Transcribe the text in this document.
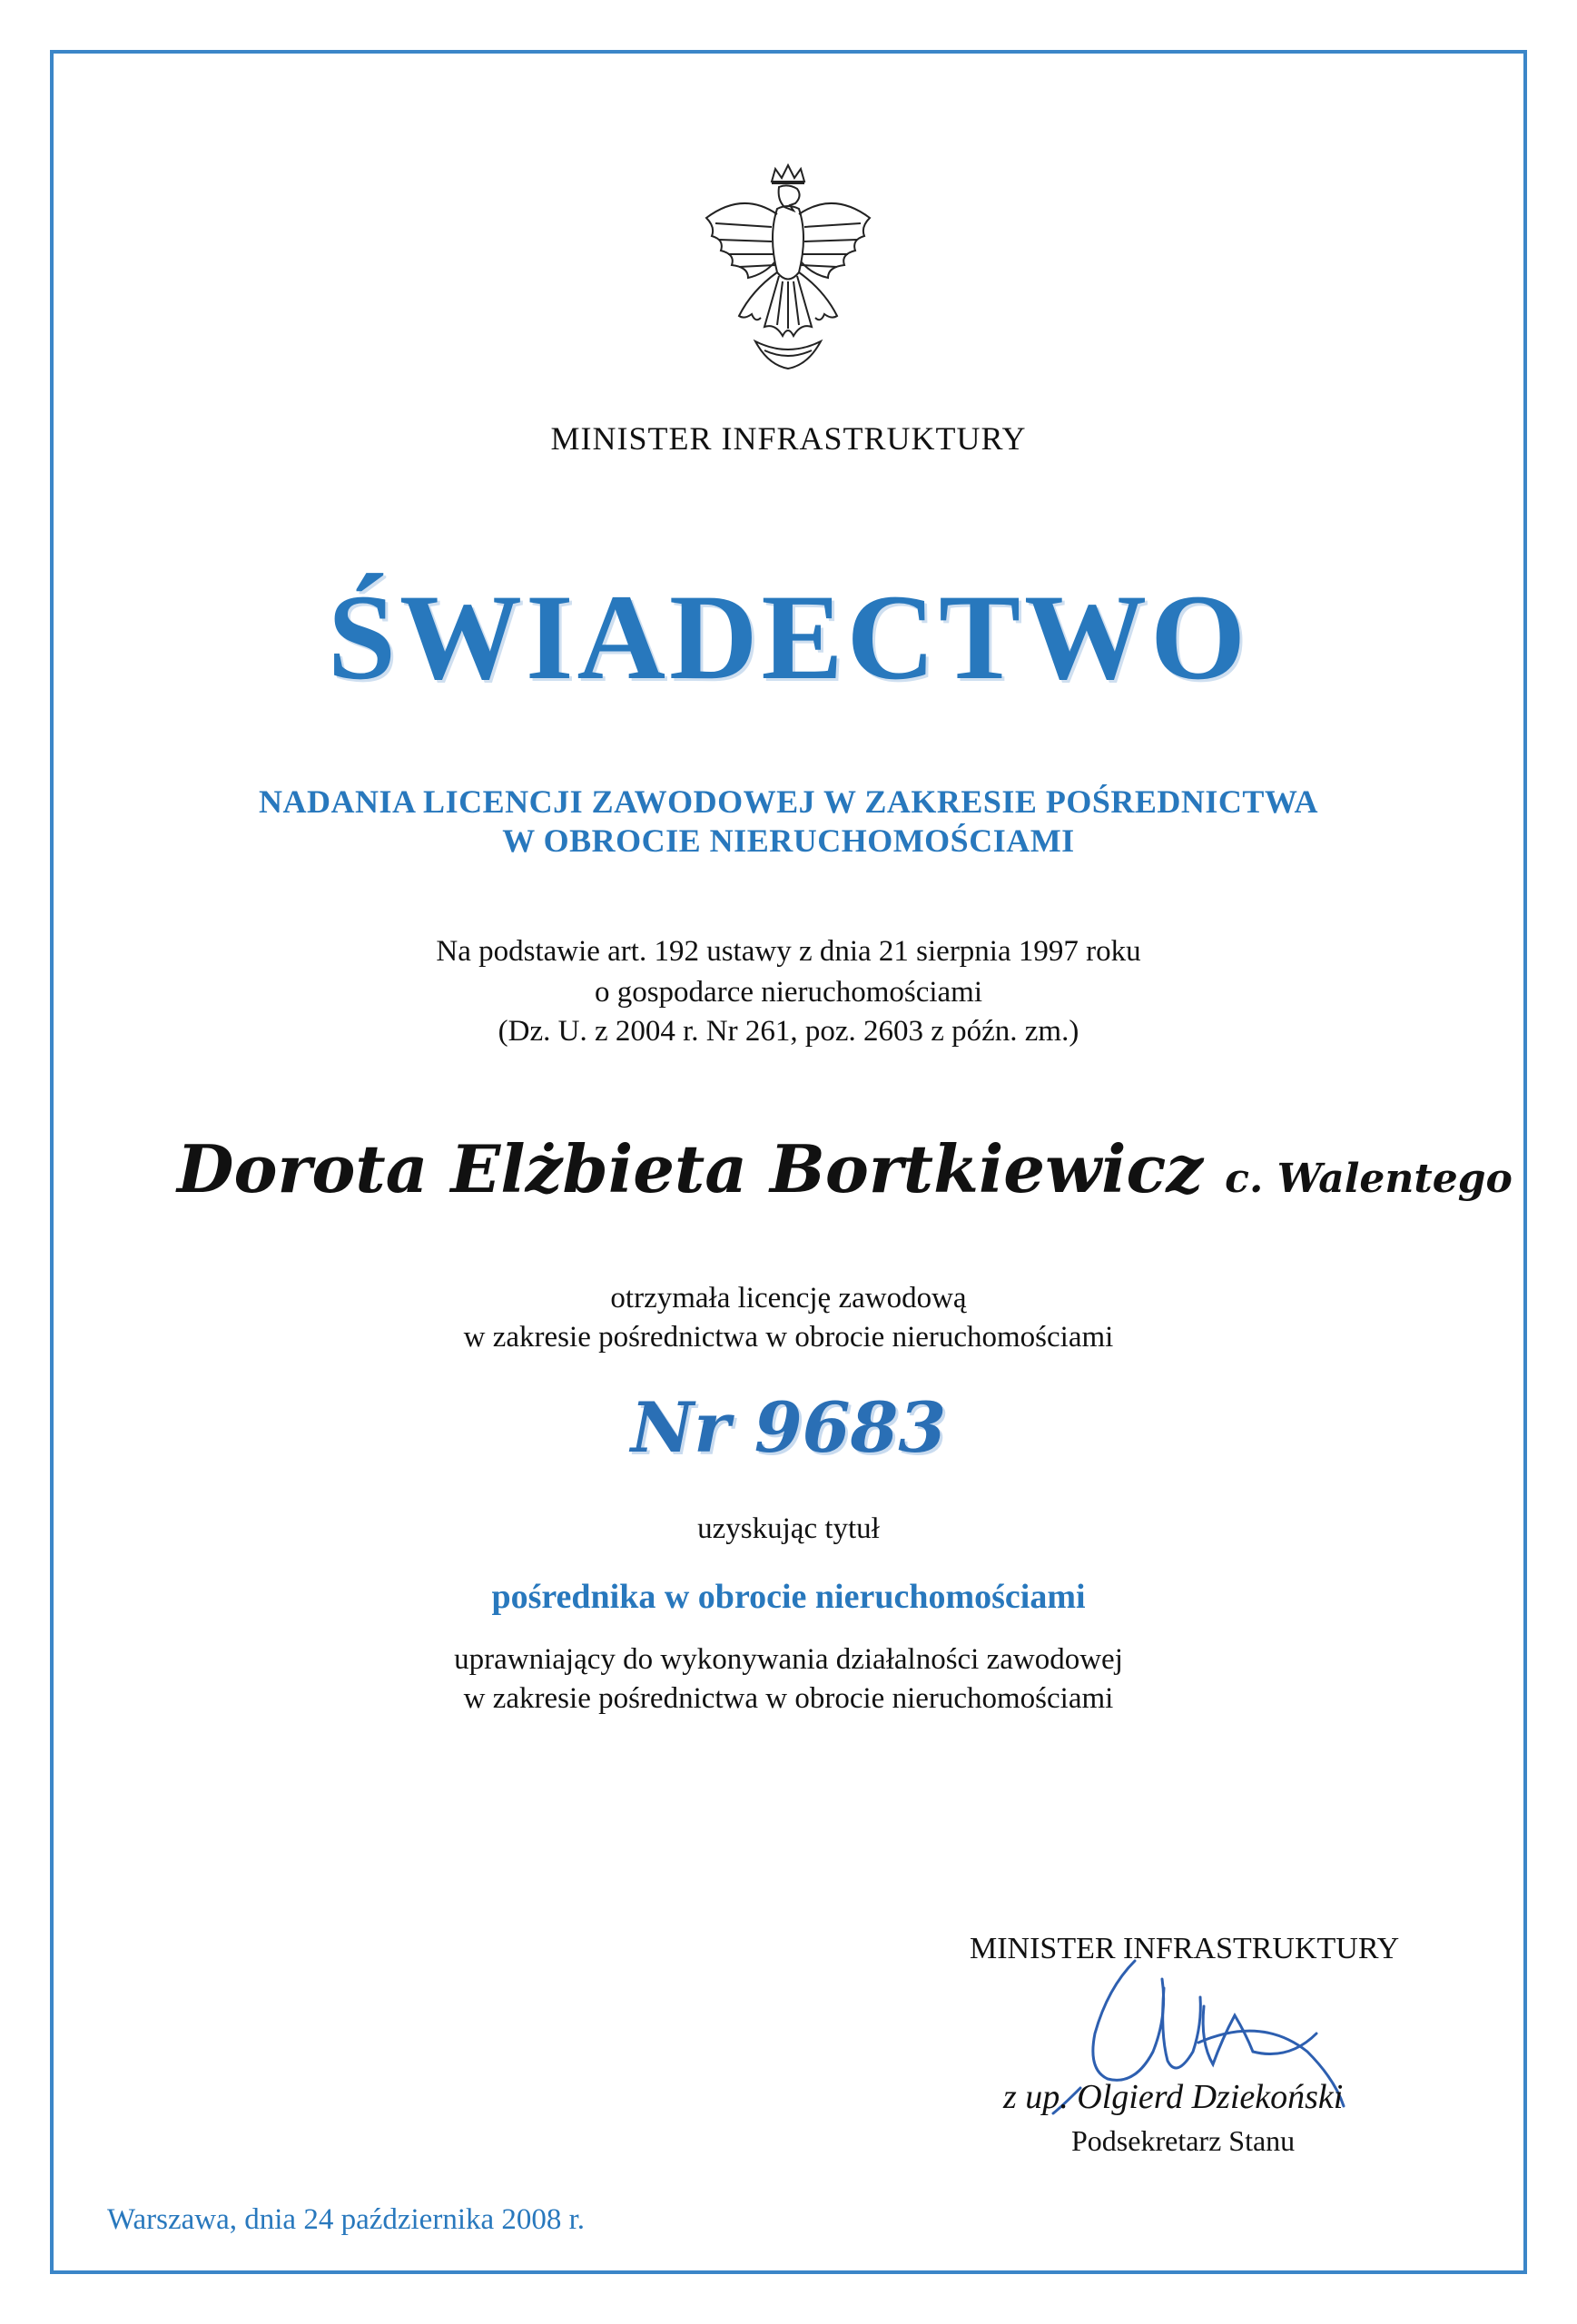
MINISTER INFRASTRUKTURY
ŚWIADECTWO
NADANIA LICENCJI ZAWODOWEJ W ZAKRESIE POŚREDNICTWA
W OBROCIE NIERUCHOMOŚCIAMI
Na podstawie art. 192 ustawy z dnia 21 sierpnia 1997 roku
o gospodarce nieruchomościami
(Dz. U. z 2004 r. Nr 261, poz. 2603 z późn. zm.)
Dorota Elżbieta Bortkiewicz c. Walentego
otrzymała licencję zawodową
w zakresie pośrednictwa w obrocie nieruchomościami
Nr 9683
uzyskując tytuł
pośrednika w obrocie nieruchomościami
uprawniający do wykonywania działalności zawodowej
w zakresie pośrednictwa w obrocie nieruchomościami
MINISTER INFRASTRUKTURY
z up. Olgierd Dziekoński
Podsekretarz Stanu
Warszawa, dnia 24 października 2008 r.
